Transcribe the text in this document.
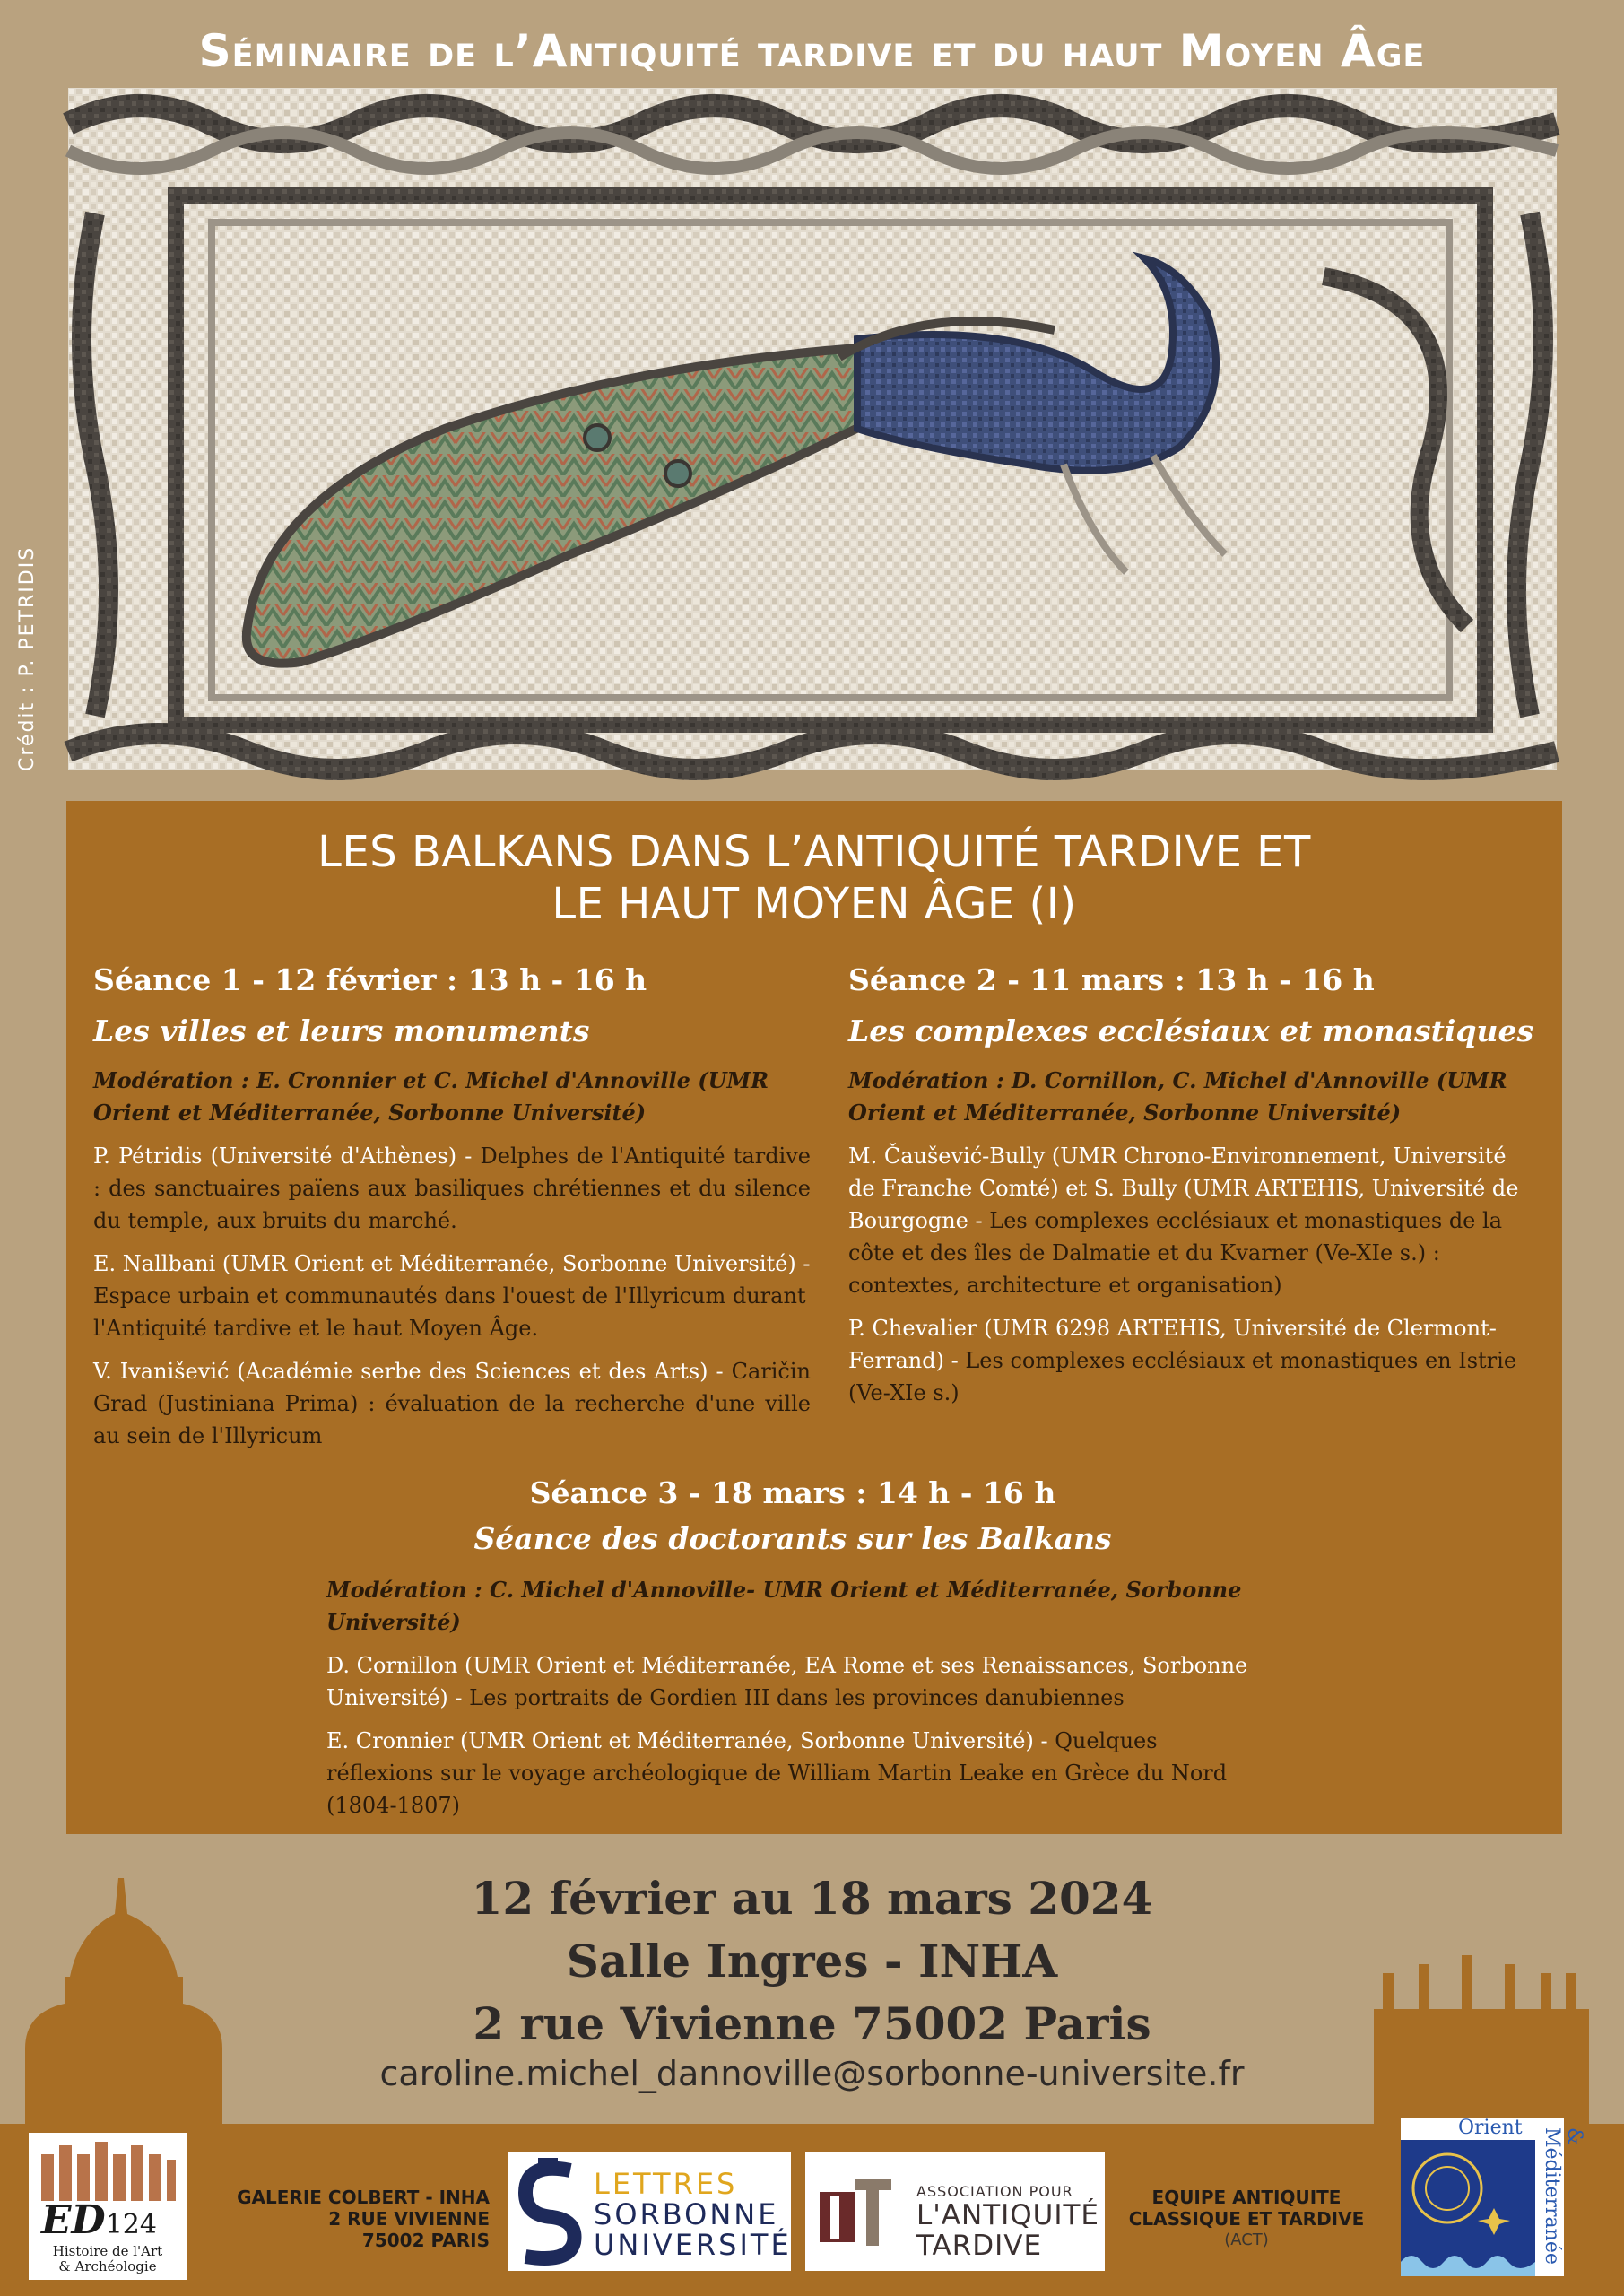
Séminaire de l’Antiquité tardive et du haut Moyen Âge
Crédit : P. PETRIDIS
LES BALKANS DANS L’ANTIQUITÉ TARDIVE ET
LE HAUT MOYEN ÂGE (I)
Séance 1 - 12 février : 13 h - 16 h
Les villes et leurs monuments
Modération : E. Cronnier et C. Michel d'Annoville (UMR Orient et Méditerranée, Sorbonne Université)
P. Pétridis (Université d'Athènes) - Delphes de l'Antiquité tardive : des sanctuaires païens aux basiliques chrétiennes et du silence du temple, aux bruits du marché.
E. Nallbani (UMR Orient et Méditerranée, Sorbonne Université) - Espace urbain et communautés dans l'ouest de l'Illyricum durant l'Antiquité tardive et le haut Moyen Âge.
V. Ivanišević (Académie serbe des Sciences et des Arts) - Caričin Grad (Justiniana Prima) : évaluation de la recherche d'une ville au sein de l'Illyricum
Séance 2 - 11 mars : 13 h - 16 h
Les complexes ecclésiaux et monastiques
Modération : D. Cornillon, C. Michel d'Annoville (UMR Orient et Méditerranée, Sorbonne Université)
M. Čaušević-Bully (UMR Chrono-Environnement, Université de Franche Comté) et S. Bully (UMR ARTEHIS, Université de Bourgogne - Les complexes ecclésiaux et monastiques de la côte et des îles de Dalmatie et du Kvarner (Ve-XIe s.) : contextes, architecture et organisation)
P. Chevalier (UMR 6298 ARTEHIS, Université de Clermont-Ferrand) - Les complexes ecclésiaux et monastiques en Istrie (Ve-XIe s.)
Séance 3 - 18 mars : 14 h - 16 h
Séance des doctorants sur les Balkans
Modération : C. Michel d'Annoville- UMR Orient et Méditerranée, Sorbonne Université)
D. Cornillon (UMR Orient et Méditerranée, EA Rome et ses Renaissances, Sorbonne Université) - Les portraits de Gordien III dans les provinces danubiennes
E. Cronnier (UMR Orient et Méditerranée, Sorbonne Université) - Quelques réflexions sur le voyage archéologique de William Martin Leake en Grèce du Nord (1804-1807)
12 février au 18 mars 2024
Salle Ingres - INHA
2 rue Vivienne 75002 Paris
caroline.michel_dannoville@sorbonne-universite.fr
ED124
Histoire de l'Art
& Archéologie
GALERIE COLBERT - INHA
2 RUE VIVIENNE
75002 PARIS
LETTRES
SORBONNE
UNIVERSITÉ
ASSOCIATION POUR
L'ANTIQUITÉ
TARDIVE
EQUIPE ANTIQUITE
CLASSIQUE ET TARDIVE
(ACT)
Orient	& Méditerranée
